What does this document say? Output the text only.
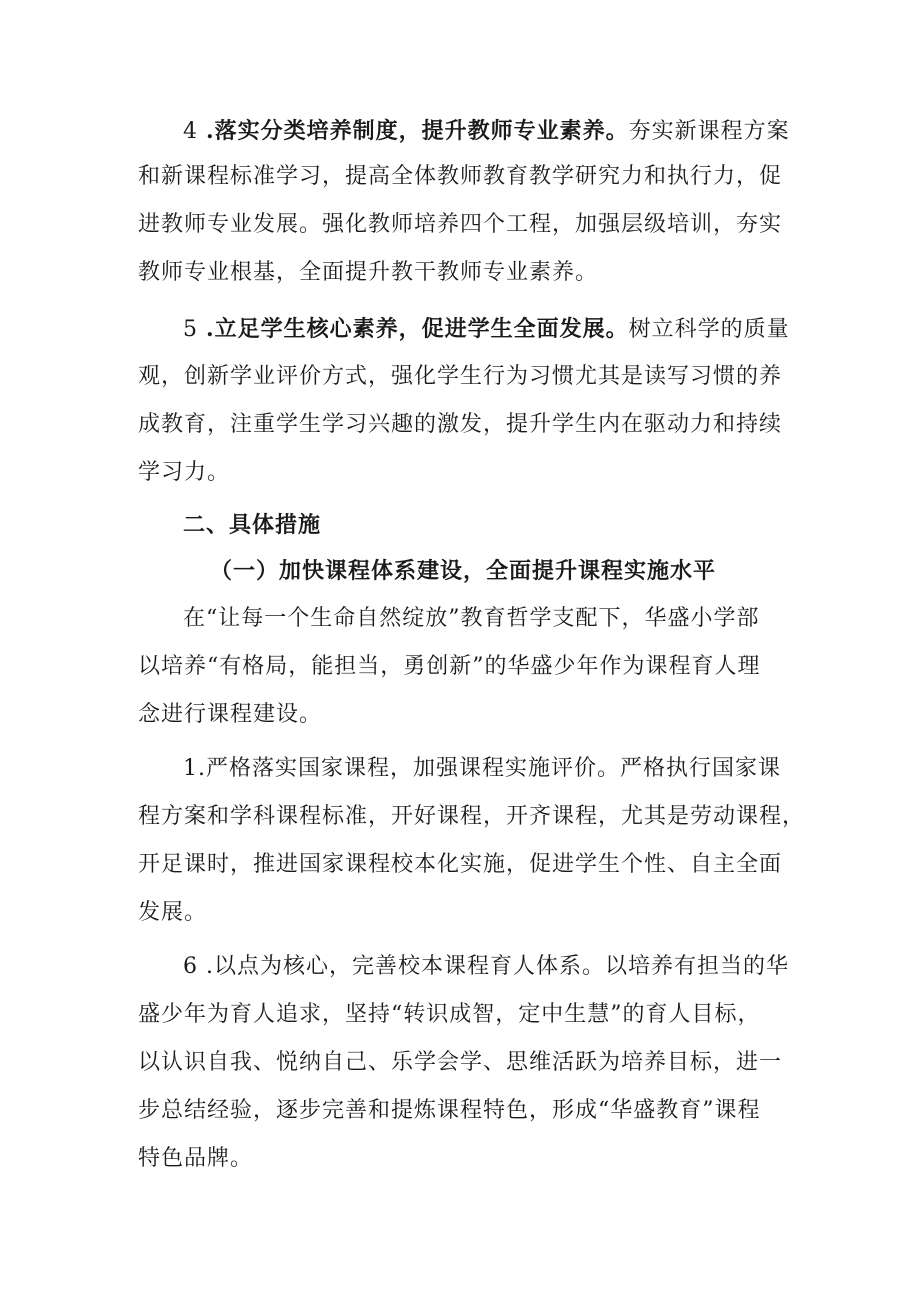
4 .落实分类培养制度，提升教师专业素养。夯实新课程方案
和新课程标准学习，提高全体教师教育教学研究力和执行力，促
进教师专业发展。强化教师培养四个工程，加强层级培训，夯实
教师专业根基，全面提升教干教师专业素养。
5 .立足学生核心素养，促进学生全面发展。树立科学的质量
观，创新学业评价方式，强化学生行为习惯尤其是读写习惯的养
成教育，注重学生学习兴趣的激发，提升学生内在驱动力和持续
学习力。
二、具体措施
（一）加快课程体系建设，全面提升课程实施水平
在“让每一个生命自然绽放”教育哲学支配下，华盛小学部
以培养“有格局，能担当，勇创新”的华盛少年作为课程育人理
念进行课程建设。
1.严格落实国家课程，加强课程实施评价。严格执行国家课
程方案和学科课程标准，开好课程，开齐课程，尤其是劳动课程，
开足课时，推进国家课程校本化实施，促进学生个性、自主全面
发展。
6 .以点为核心，完善校本课程育人体系。以培养有担当的华
盛少年为育人追求，坚持“转识成智，定中生慧”的育人目标，
以认识自我、悦纳自己、乐学会学、思维活跃为培养目标，进一
步总结经验，逐步完善和提炼课程特色，形成“华盛教育”课程
特色品牌。
